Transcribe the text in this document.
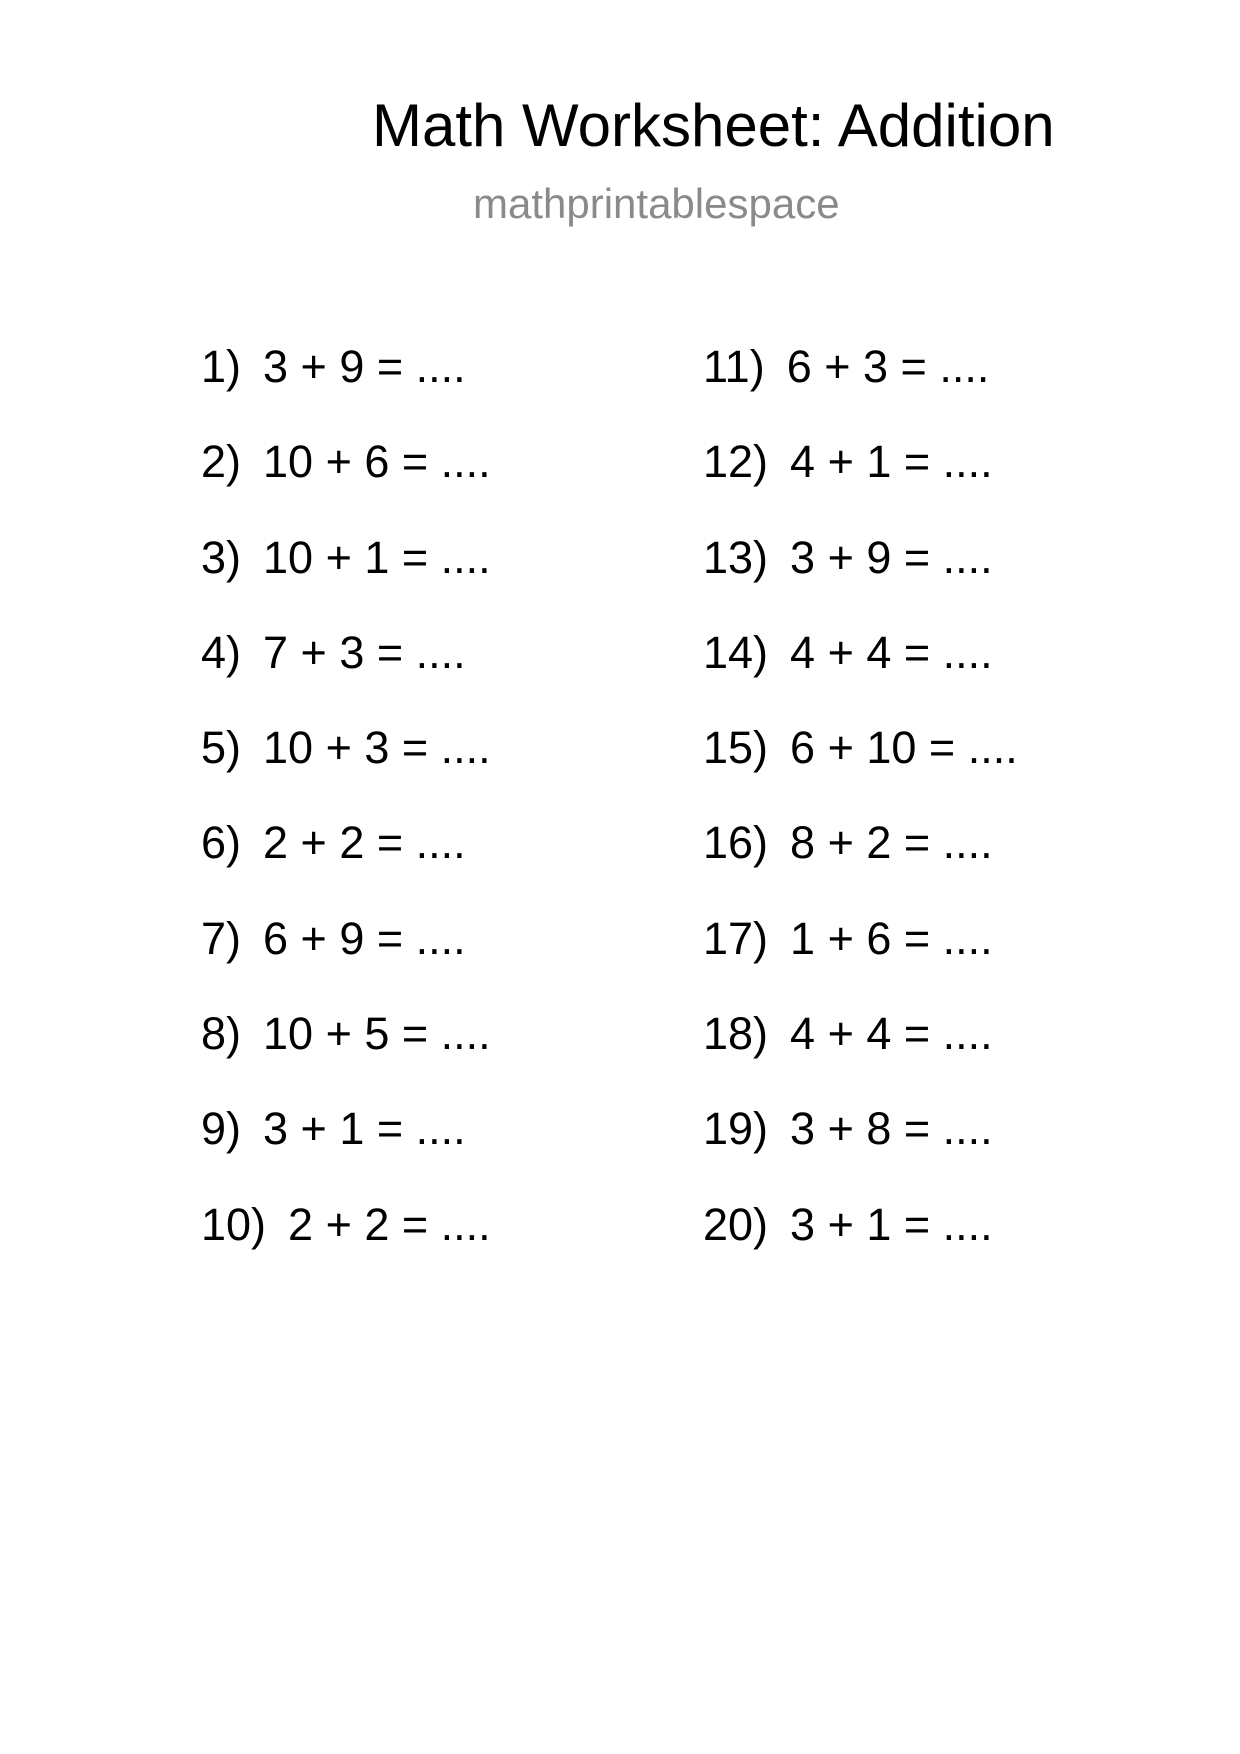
Math Worksheet: Addition
mathprintablespace
1) 3 + 9 = ....
2) 10 + 6 = ....
3) 10 + 1 = ....
4) 7 + 3 = ....
5) 10 + 3 = ....
6) 2 + 2 = ....
7) 6 + 9 = ....
8) 10 + 5 = ....
9) 3 + 1 = ....
10) 2 + 2 = ....
11) 6 + 3 = ....
12) 4 + 1 = ....
13) 3 + 9 = ....
14) 4 + 4 = ....
15) 6 + 10 = ....
16) 8 + 2 = ....
17) 1 + 6 = ....
18) 4 + 4 = ....
19) 3 + 8 = ....
20) 3 + 1 = ....
